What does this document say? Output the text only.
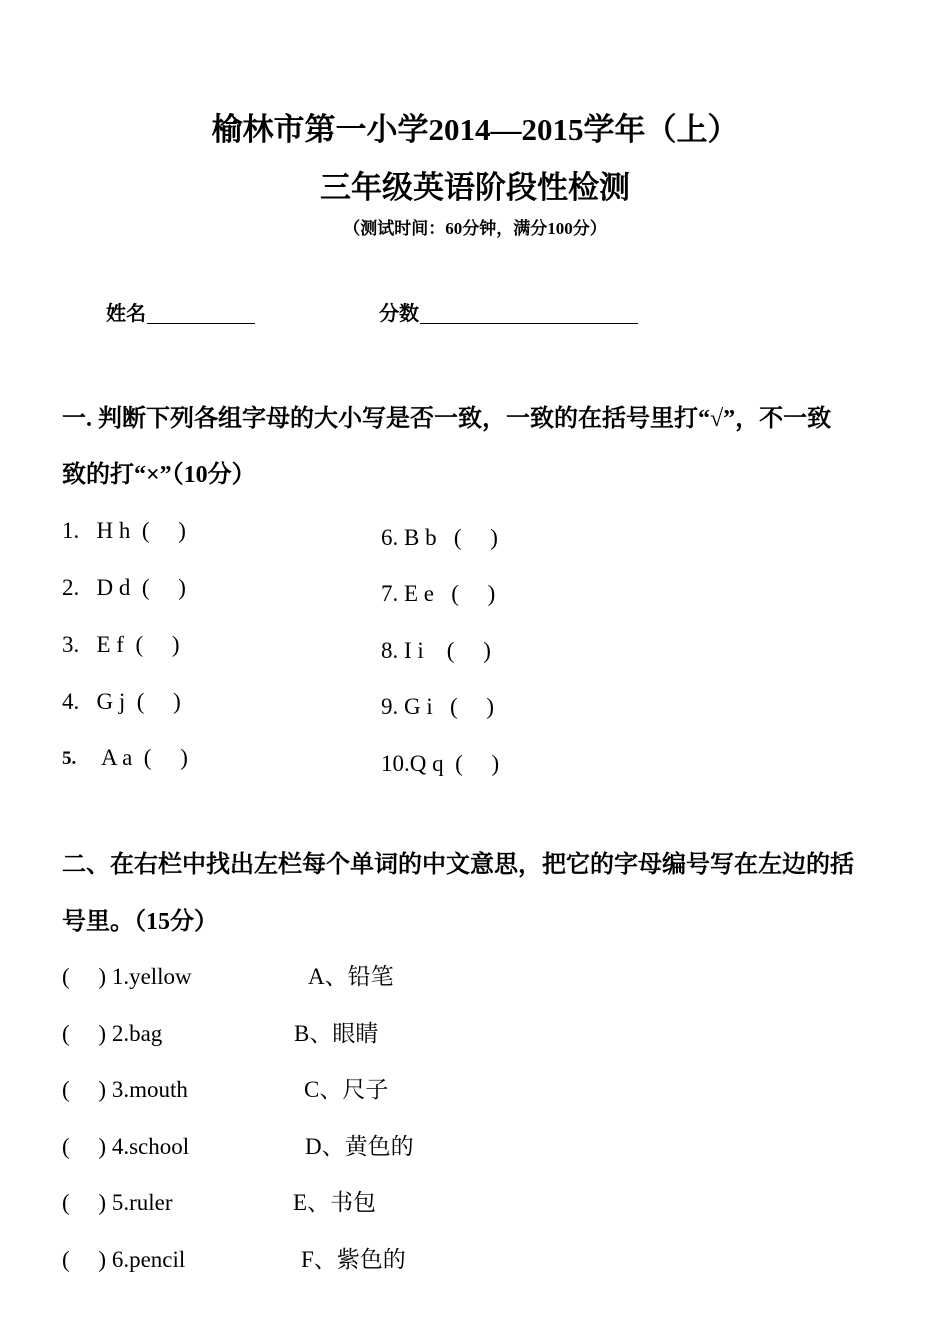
榆林市第一小学2014—2015学年（上）
三年级英语阶段性检测
（测试时间：60分钟，满分100分）
姓名	分数
一. 判断下列各组字母的大小写是否一致，一致的在括号里打“√”，不一致
致的打“×”（10分）
1.   H h  (     )
2.   D d  (     )
3.   E f  (     )
4.   G j  (     )
5. A a  (     )
6. B b   (     )
7. E e   (     )
8. I i    (     )
9. G i   (     )
10.Q q  (     )
二、在右栏中找出左栏每个单词的中文意思，把它的字母编号写在左边的括
号里。（15分）
(     ) 1.yellow
(     ) 2.bag
(     ) 3.mouth
(     ) 4.school
(     ) 5.ruler
(     ) 6.pencil
A、铅笔
B、眼睛
C、尺子
D、黄色的
E、书包
F、紫色的
